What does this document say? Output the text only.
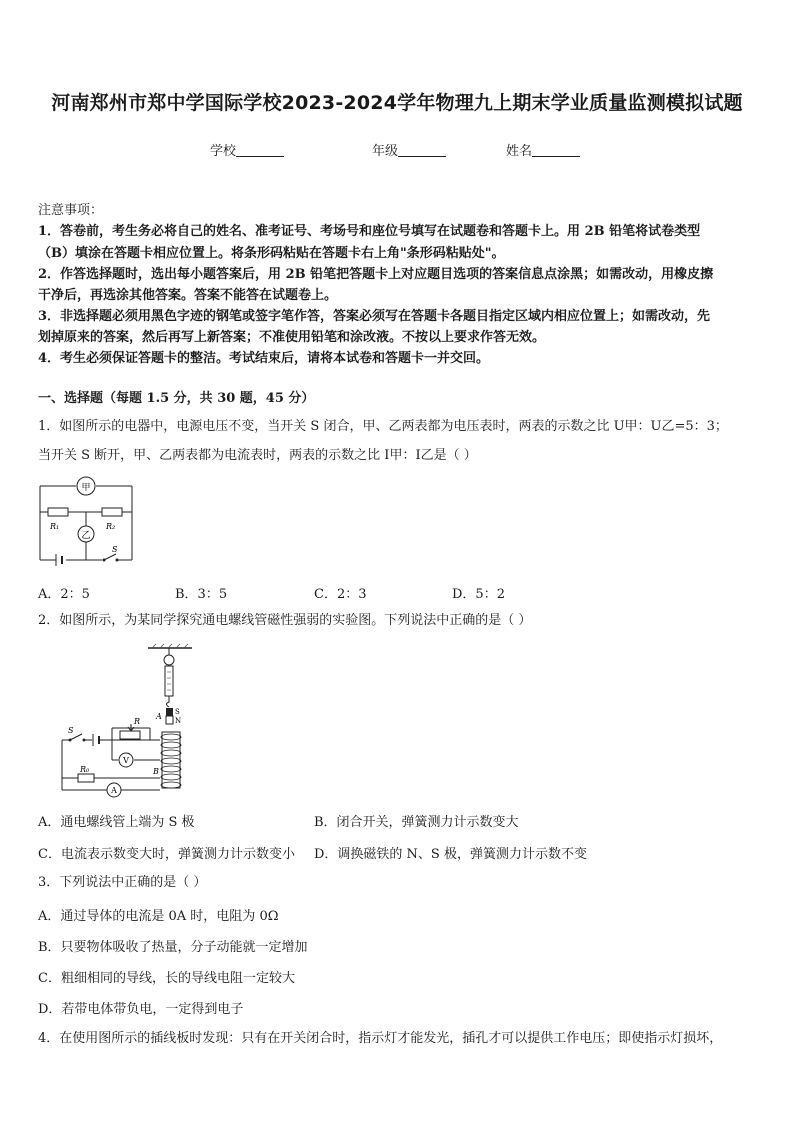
河南郑州市郑中学国际学校2023-2024学年物理九上期末学业质量监测模拟试题
学校	年级	姓名
注意事项：
1．答卷前，考生务必将自己的姓名、准考证号、考场号和座位号填写在试题卷和答题卡上。用 2B 铅笔将试卷类型
（B）填涂在答题卡相应位置上。将条形码粘贴在答题卡右上角"条形码粘贴处"。
2．作答选择题时，选出每小题答案后，用 2B 铅笔把答题卡上对应题目选项的答案信息点涂黑；如需改动，用橡皮擦
干净后，再选涂其他答案。答案不能答在试题卷上。
3．非选择题必须用黑色字迹的钢笔或签字笔作答，答案必须写在答题卡各题目指定区域内相应位置上；如需改动，先
划掉原来的答案，然后再写上新答案；不准使用铅笔和涂改液。不按以上要求作答无效。
4．考生必须保证答题卡的整洁。考试结束后，请将本试卷和答题卡一并交回。
一、选择题（每题 1.5 分，共 30 题，45 分）
1．如图所示的电器中，电源电压不变，当开关 S 闭合，甲、乙两表都为电压表时，两表的示数之比 U甲：U乙=5：3；
当开关 S 断开，甲、乙两表都为电流表时，两表的示数之比 I甲：I乙是（ ）
甲
R₁	R₂
乙
S
A．2：5	B．3：5	C．2：3	D．5：2
2．如图所示，为某同学探究通电螺线管磁性强弱的实验图。下列说法中正确的是（ ）
A S
N
B
S
R
V
R₀
A
A．通电螺线管上端为 S 极	B．闭合开关，弹簧测力计示数变大
C．电流表示数变大时，弹簧测力计示数变小 D．调换磁铁的 N、S 极，弹簧测力计示数不变
3．下列说法中正确的是（ ）
A．通过导体的电流是 0A 时，电阻为 0Ω
B．只要物体吸收了热量，分子动能就一定增加
C．粗细相同的导线，长的导线电阻一定较大
D．若带电体带负电，一定得到电子
4．在使用图所示的插线板时发现：只有在开关闭合时，指示灯才能发光，插孔才可以提供工作电压；即使指示灯损坏，
